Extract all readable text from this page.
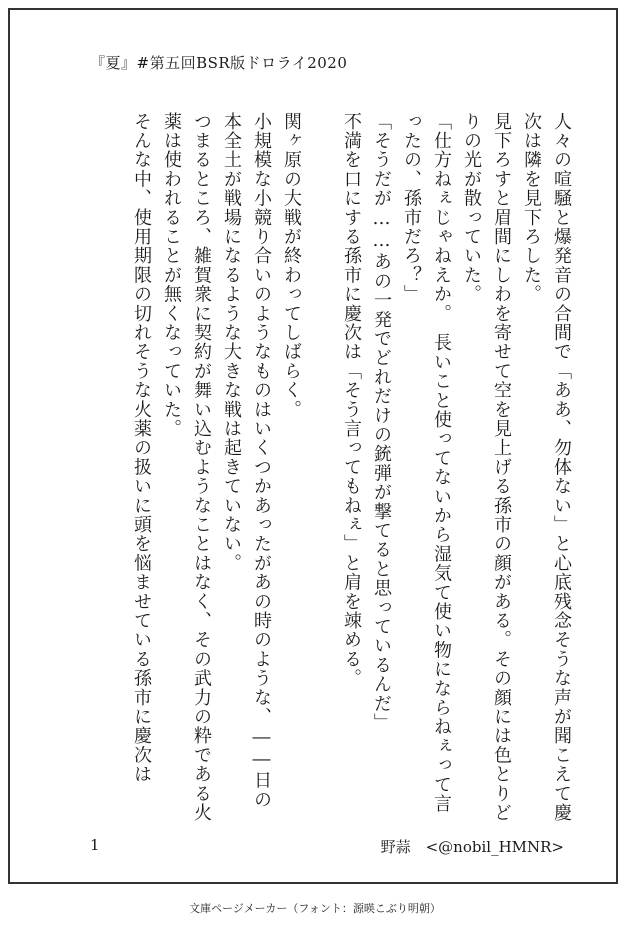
『夏』#第五回BSR版ドロライ2020

人々の喧騒と爆発音の合間で「ああ、勿体ない」と心底残念そうな声が聞こえて慶次は隣を見下ろした。

見下ろすと眉間にしわを寄せて空を見上げる孫市の顔がある。その顔には色とりどりの光が散っていた。

「仕方ねぇじゃねえか。　長いこと使ってないから湿気て使い物にならねぇって言ったの、孫市だろ？」

「そうだが……あの一発でどれだけの銃弾が撃てると思っているんだ」

不満を口にする孫市に慶次は「そう言ってもねぇ」と肩を竦める。

関ヶ原の大戦が終わってしばらく。

小規模な小競り合いのようなものはいくつかあったがあの時のような、――日の本全土が戦場になるような大きな戦は起きていない。

つまるところ、雑賀衆に契約が舞い込むようなことはなく、その武力の粋である火薬は使われることが無くなっていた。

そんな中、使用期限の切れそうな火薬の扱いに頭を悩ませている孫市に慶次は

1	野蒜　<@nobil_HMNR>
文庫ページメーカー（フォント：源暎こぶり明朝）
